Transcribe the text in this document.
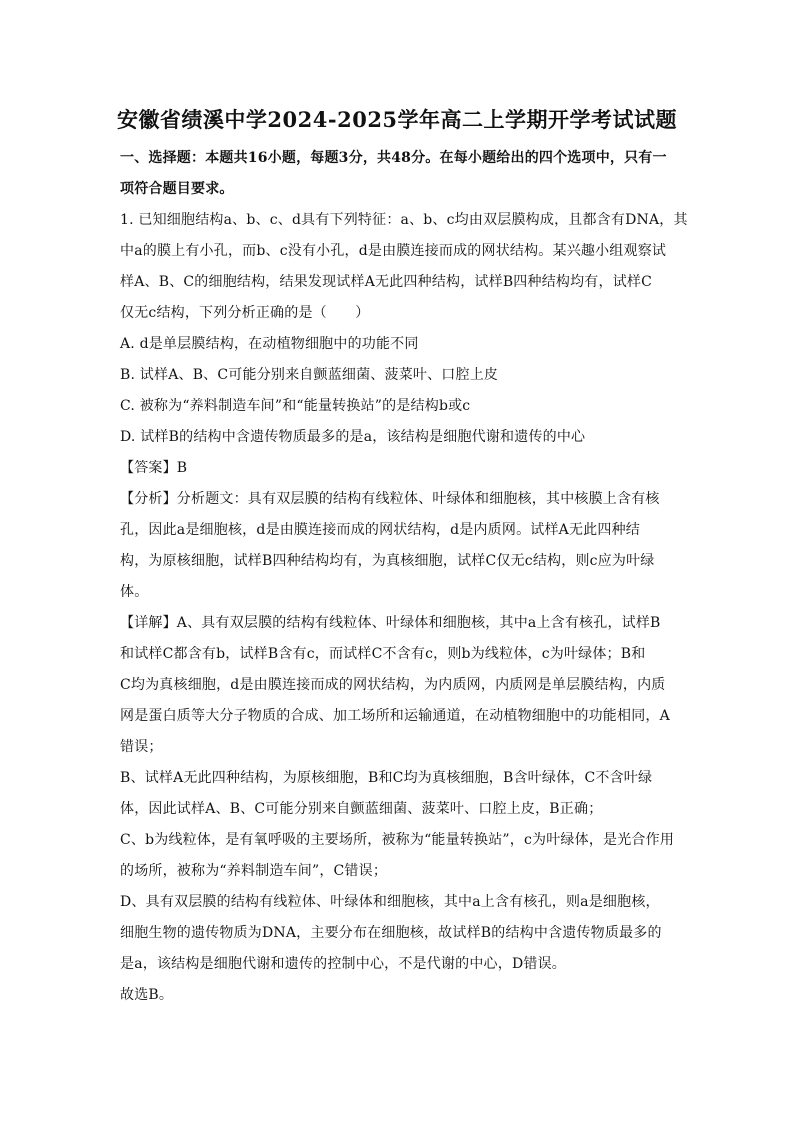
安徽省绩溪中学2024-2025学年高二上学期开学考试试题
一、选择题：本题共16小题，每题3分，共48分。在每小题给出的四个选项中，只有一
项符合题目要求。
1. 已知细胞结构a、b、c、d具有下列特征：a、b、c均由双层膜构成，且都含有DNA，其
中a的膜上有小孔，而b、c没有小孔，d是由膜连接而成的网状结构。某兴趣小组观察试
样A、B、C的细胞结构，结果发现试样A无此四种结构，试样B四种结构均有，试样C
仅无c结构，下列分析正确的是（　　）
A. d是单层膜结构，在动植物细胞中的功能不同
B. 试样A、B、C可能分别来自颤蓝细菌、菠菜叶、口腔上皮
C. 被称为“养料制造车间”和“能量转换站”的是结构b或c
D. 试样B的结构中含遗传物质最多的是a，该结构是细胞代谢和遗传的中心
【答案】B
【分析】分析题文：具有双层膜的结构有线粒体、叶绿体和细胞核，其中核膜上含有核
孔，因此a是细胞核，d是由膜连接而成的网状结构，d是内质网。试样A无此四种结
构，为原核细胞，试样B四种结构均有，为真核细胞，试样C仅无c结构，则c应为叶绿
体。
【详解】A、具有双层膜的结构有线粒体、叶绿体和细胞核，其中a上含有核孔，试样B
和试样C都含有b，试样B含有c，而试样C不含有c，则b为线粒体，c为叶绿体；B和
C均为真核细胞，d是由膜连接而成的网状结构，为内质网，内质网是单层膜结构，内质
网是蛋白质等大分子物质的合成、加工场所和运输通道，在动植物细胞中的功能相同，A
错误；
B、试样A无此四种结构，为原核细胞，B和C均为真核细胞，B含叶绿体，C不含叶绿
体，因此试样A、B、C可能分别来自颤蓝细菌、菠菜叶、口腔上皮，B正确；
C、b为线粒体，是有氧呼吸的主要场所，被称为“能量转换站”，c为叶绿体，是光合作用
的场所，被称为“养料制造车间”，C错误；
D、具有双层膜的结构有线粒体、叶绿体和细胞核，其中a上含有核孔，则a是细胞核，
细胞生物的遗传物质为DNA，主要分布在细胞核，故试样B的结构中含遗传物质最多的
是a，该结构是细胞代谢和遗传的控制中心，不是代谢的中心，D错误。
故选B。
